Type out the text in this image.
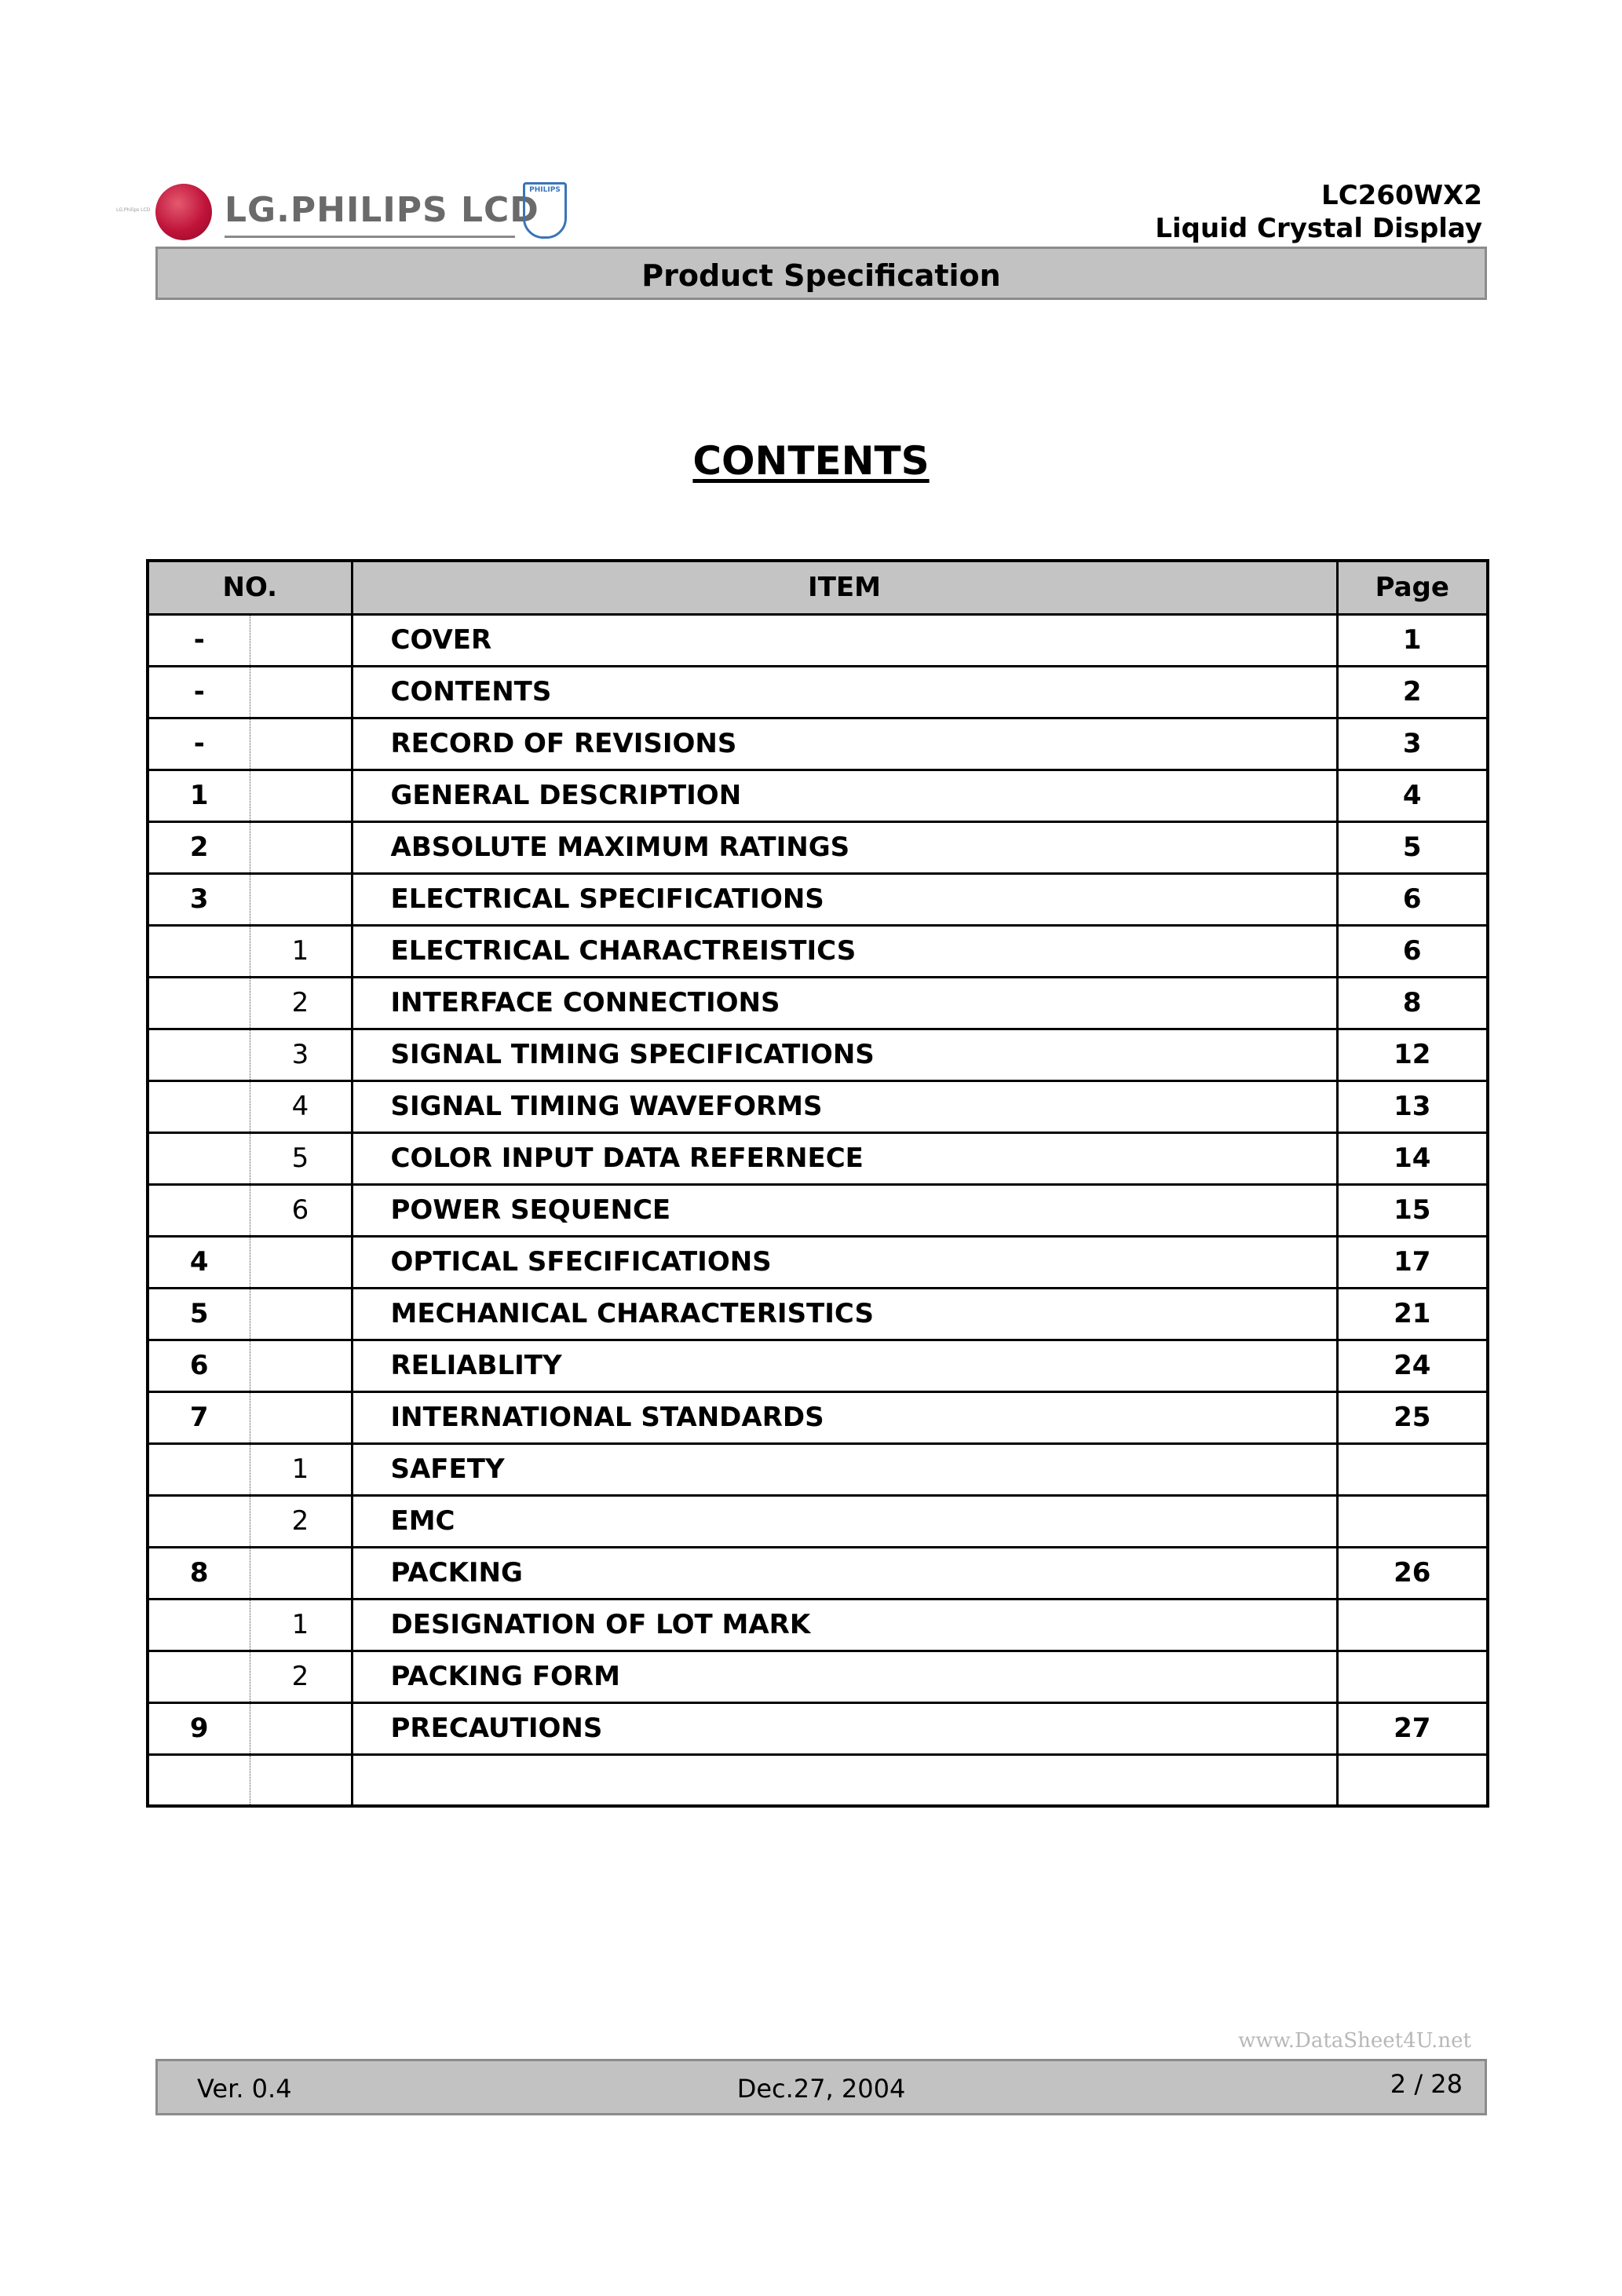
LG.Philips LCD LG.PHILIPS LCD
PHILIPS	LC260WX2
Liquid Crystal Display
Product Specification
CONTENTS
NO.		ITEM	Page
-		COVER	1
-		CONTENTS	2
-		RECORD OF REVISIONS	3
1		GENERAL DESCRIPTION	4
2		ABSOLUTE MAXIMUM RATINGS	5
3		ELECTRICAL SPECIFICATIONS	6
	1	ELECTRICAL CHARACTREISTICS	6
	2	INTERFACE CONNECTIONS	8
	3	SIGNAL TIMING SPECIFICATIONS	12
	4	SIGNAL TIMING WAVEFORMS	13
	5	COLOR INPUT DATA REFERNECE	14
	6	POWER SEQUENCE	15
4		OPTICAL SFECIFICATIONS	17
5		MECHANICAL CHARACTERISTICS	21
6		RELIABLITY	24
7		INTERNATIONAL STANDARDS	25
	1	SAFETY	
	2	EMC	
8		PACKING	26
	1	DESIGNATION OF LOT MARK	
	2	PACKING FORM	
9		PRECAUTIONS	27

www.DataSheet4U.net
Ver. 0.4	Dec.27, 2004	2 / 28
